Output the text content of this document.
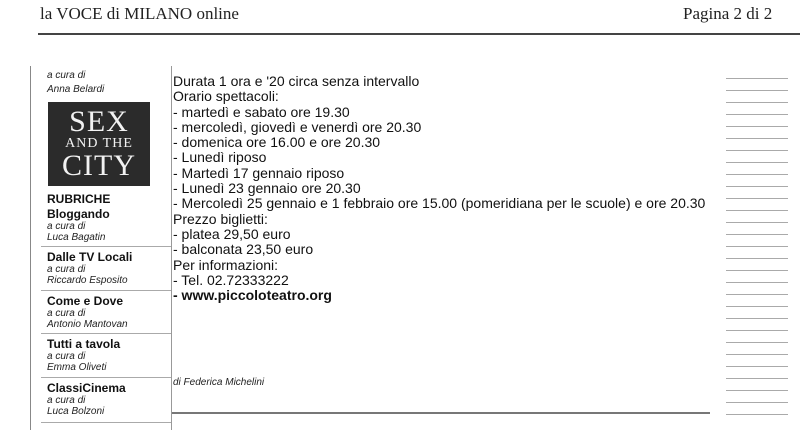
la VOCE di MILANO online	Pagina 2 di 2
a cura di
Anna Belardi
SEX
AND THE
CITY
RUBRICHE
Bloggando
a cura di
Luca Bagatin
Dalle TV Locali
a cura di
Riccardo Esposito
Come e Dove
a cura di
Antonio Mantovan
Tutti a tavola
a cura di
Emma Oliveti
ClassiCinema
a cura di
Luca Bolzoni
Durata 1 ora e '20 circa senza intervallo
Orario spettacoli:
- martedì e sabato ore 19.30
- mercoledì, giovedì e venerdì ore 20.30
- domenica ore 16.00 e ore 20.30
- Lunedì riposo
- Martedì 17 gennaio riposo
- Lunedì 23 gennaio ore 20.30
- Mercoledì 25 gennaio e 1 febbraio ore 15.00 (pomeridiana per le scuole) e ore 20.30
Prezzo biglietti:
- platea 29,50 euro
- balconata 23,50 euro
Per informazioni:
- Tel. 02.72333222
- www.piccoloteatro.org
di Federica Michelini
